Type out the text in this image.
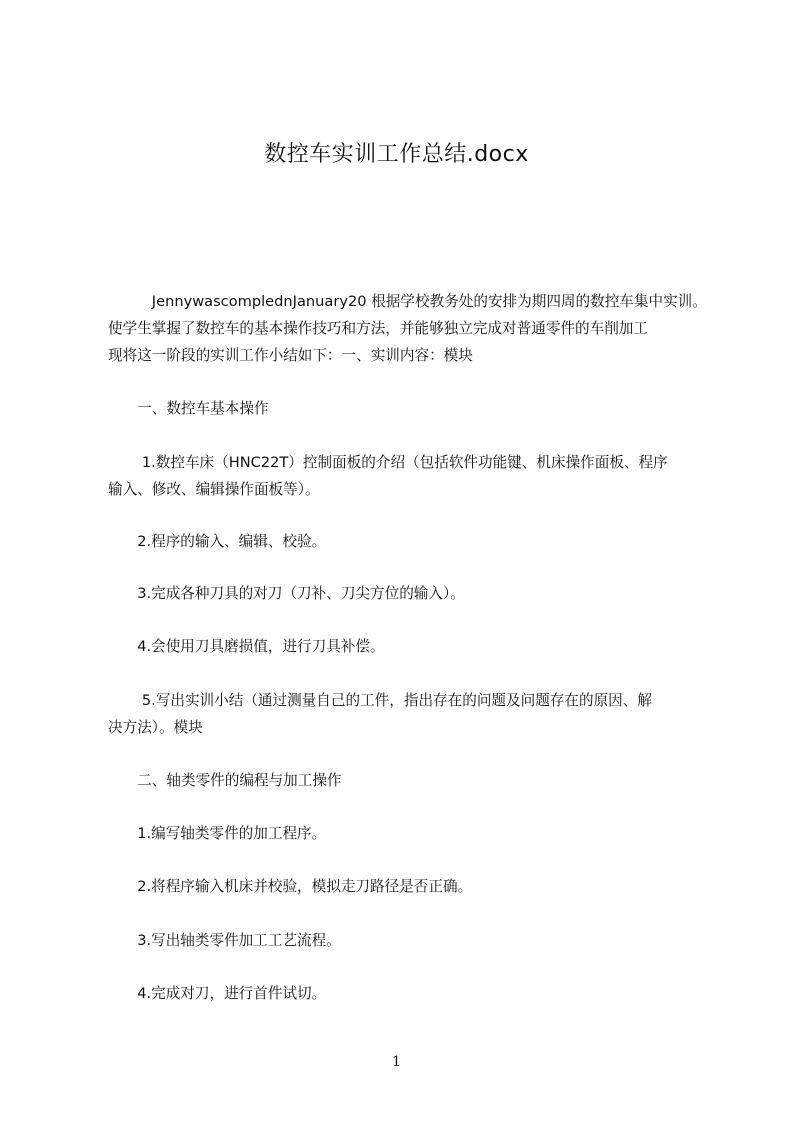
数控车实训工作总结.docx

　　　JennywascomplednJanuary20 根据学校教务处的安排为期四周的数控车集中实训。

使学生掌握了数控车的基本操作技巧和方法，并能够独立完成对普通零件的车削加工

现将这一阶段的实训工作小结如下：一、实训内容：模块

　　一、数控车基本操作

　　 1.数控车床（HNC22T）控制面板的介绍（包括软件功能键、机床操作面板、程序

输入、修改、编辑操作面板等）。

　　2.程序的输入、编辑、校验。

　　3.完成各种刀具的对刀（刀补、刀尖方位的输入）。

　　4.会使用刀具磨损值，进行刀具补偿。

　　 5.写出实训小结（通过测量自己的工件，指出存在的问题及问题存在的原因、解

决方法）。模块

　　二、轴类零件的编程与加工操作

　　1.编写轴类零件的加工程序。

　　2.将程序输入机床并校验，模拟走刀路径是否正确。

　　3.写出轴类零件加工工艺流程。

　　4.完成对刀，进行首件试切。

1
